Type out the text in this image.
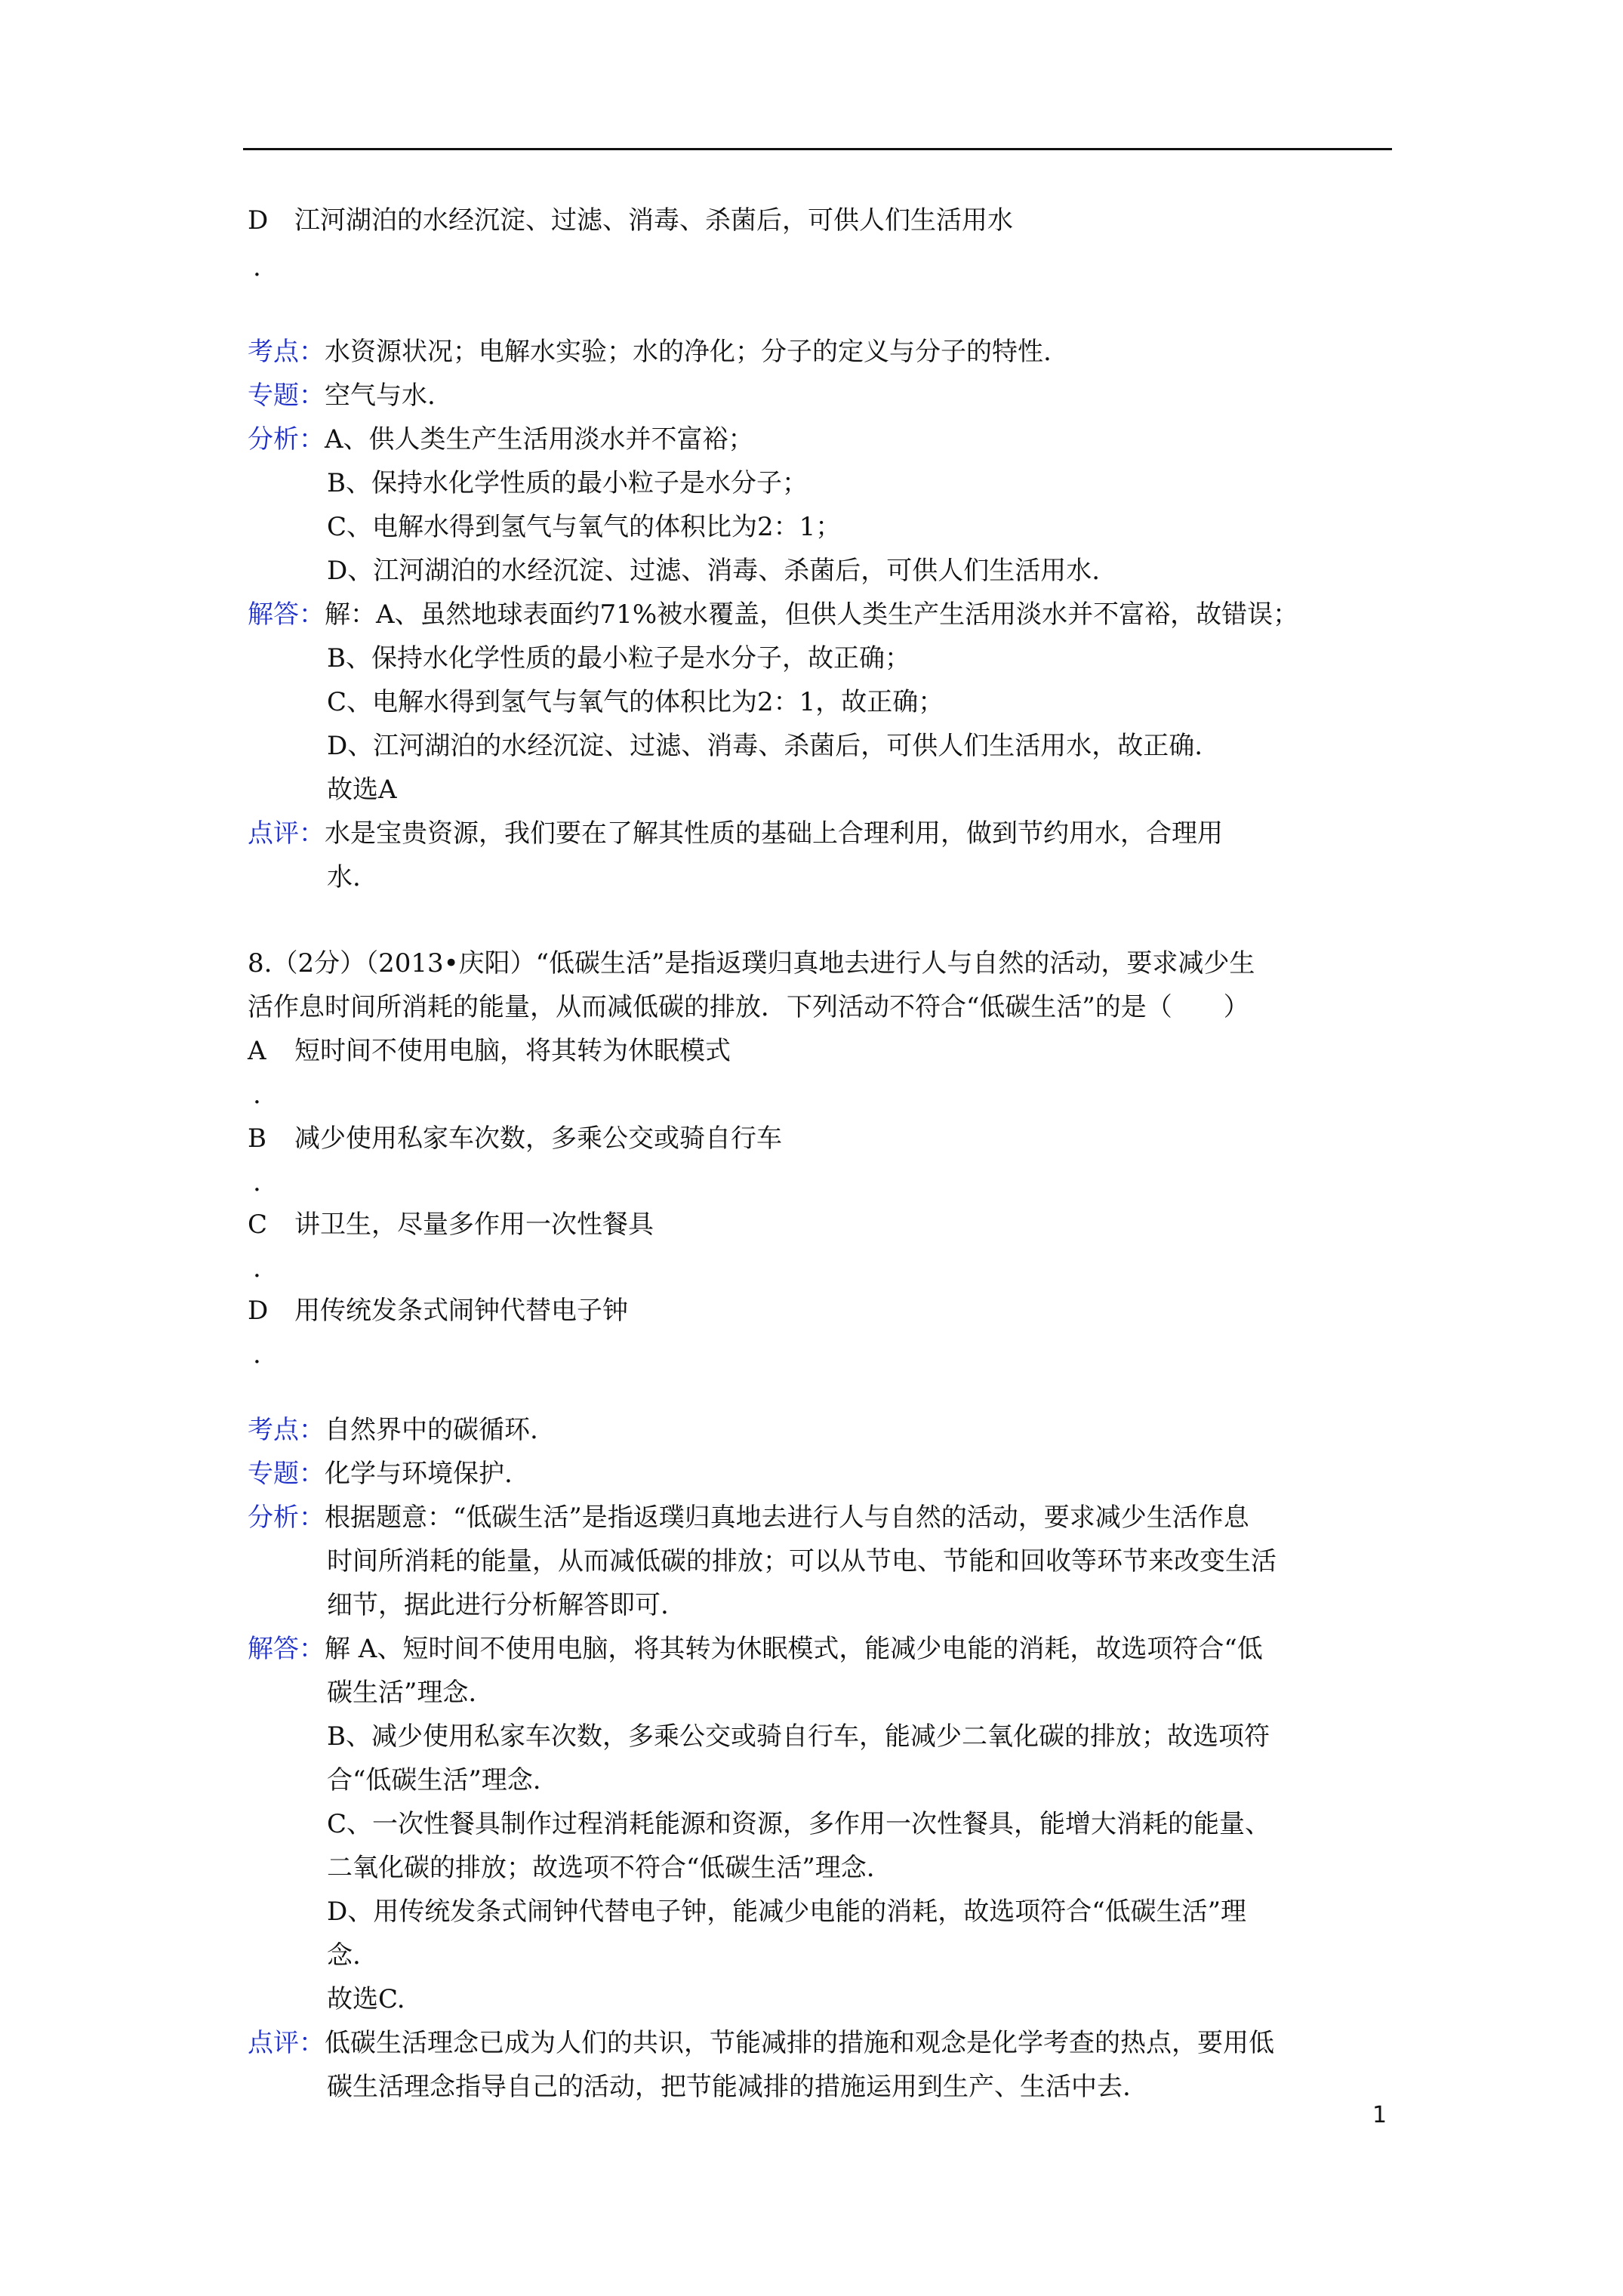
D 江河湖泊的水经沉淀、过滤、消毒、杀菌后，可供人们生活用水
.
考点：水资源状况；电解水实验；水的净化；分子的定义与分子的特性.
专题：空气与水.
分析：A、供人类生产生活用淡水并不富裕；
B、保持水化学性质的最小粒子是水分子；
C、电解水得到氢气与氧气的体积比为2：1；
D、江河湖泊的水经沉淀、过滤、消毒、杀菌后，可供人们生活用水.
解答：解：A、虽然地球表面约71%被水覆盖，但供人类生产生活用淡水并不富裕，故错误；
B、保持水化学性质的最小粒子是水分子，故正确；
C、电解水得到氢气与氧气的体积比为2：1，故正确；
D、江河湖泊的水经沉淀、过滤、消毒、杀菌后，可供人们生活用水，故正确.
故选A
点评：水是宝贵资源，我们要在了解其性质的基础上合理利用，做到节约用水，合理用
水.
8.（2分）（2013•庆阳）“低碳生活”是指返璞归真地去进行人与自然的活动，要求减少生
活作息时间所消耗的能量，从而减低碳的排放．下列活动不符合“低碳生活”的是（　　）
A 短时间不使用电脑，将其转为休眠模式
.
B 减少使用私家车次数，多乘公交或骑自行车
.
C 讲卫生，尽量多作用一次性餐具
.
D 用传统发条式闹钟代替电子钟
.
考点：自然界中的碳循环.
专题：化学与环境保护.
分析：根据题意：“低碳生活”是指返璞归真地去进行人与自然的活动，要求减少生活作息
时间所消耗的能量，从而减低碳的排放；可以从节电、节能和回收等环节来改变生活
细节，据此进行分析解答即可.
解答：解 A、短时间不使用电脑，将其转为休眠模式，能减少电能的消耗，故选项符合“低
碳生活”理念.
B、减少使用私家车次数，多乘公交或骑自行车，能减少二氧化碳的排放；故选项符
合“低碳生活”理念.
C、一次性餐具制作过程消耗能源和资源，多作用一次性餐具，能增大消耗的能量、
二氧化碳的排放；故选项不符合“低碳生活”理念.
D、用传统发条式闹钟代替电子钟，能减少电能的消耗，故选项符合“低碳生活”理
念.
故选C.
点评：低碳生活理念已成为人们的共识，节能减排的措施和观念是化学考查的热点，要用低
碳生活理念指导自己的活动，把节能减排的措施运用到生产、生活中去.
1
